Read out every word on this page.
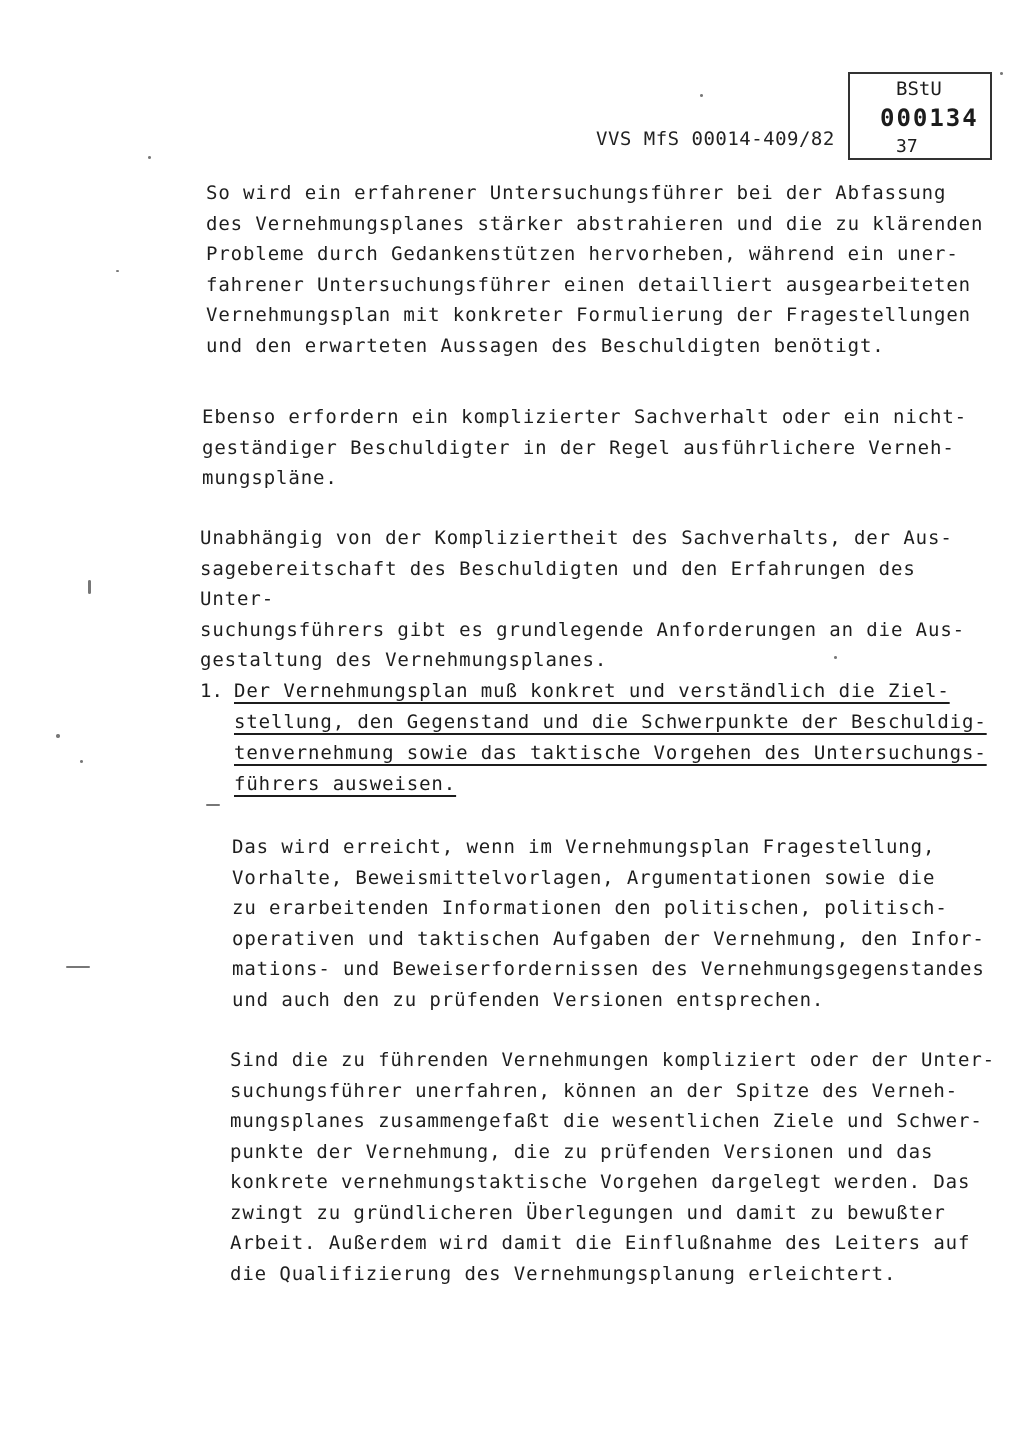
VVS MfS 00014-409/82
BStU
000134
37

So wird ein erfahrener Untersuchungsführer bei der Abfassung
des Vernehmungsplanes stärker abstrahieren und die zu klärenden
Probleme durch Gedankenstützen hervorheben, während ein uner-
fahrener Untersuchungsführer einen detailliert ausgearbeiteten
Vernehmungsplan mit konkreter Formulierung der Fragestellungen
und den erwarteten Aussagen des Beschuldigten benötigt.

Ebenso erfordern ein komplizierter Sachverhalt oder ein nicht-
geständiger Beschuldigter in der Regel ausführlichere Verneh-
mungspläne.

Unabhängig von der Kompliziertheit des Sachverhalts, der Aus-
sagebereitschaft des Beschuldigten und den Erfahrungen des Unter-
suchungsführers gibt es grundlegende Anforderungen an die Aus-
gestaltung des Vernehmungsplanes.

1. Der Vernehmungsplan muß konkret und verständlich die Ziel-
stellung, den Gegenstand und die Schwerpunkte der Beschuldig-
tenvernehmung sowie das taktische Vorgehen des Untersuchungs-
führers ausweisen.

Das wird erreicht, wenn im Vernehmungsplan Fragestellung,
Vorhalte, Beweismittelvorlagen, Argumentationen sowie die
zu erarbeitenden Informationen den politischen, politisch-
operativen und taktischen Aufgaben der Vernehmung, den Infor-
mations- und Beweiserfordernissen des Vernehmungsgegenstandes
und auch den zu prüfenden Versionen entsprechen.

Sind die zu führenden Vernehmungen kompliziert oder der Unter-
suchungsführer unerfahren, können an der Spitze des Verneh-
mungsplanes zusammengefaßt die wesentlichen Ziele und Schwer-
punkte der Vernehmung, die zu prüfenden Versionen und das
konkrete vernehmungstaktische Vorgehen dargelegt werden. Das
zwingt zu gründlicheren Überlegungen und damit zu bewußter
Arbeit. Außerdem wird damit die Einflußnahme des Leiters auf
die Qualifizierung des Vernehmungsplanung erleichtert.
